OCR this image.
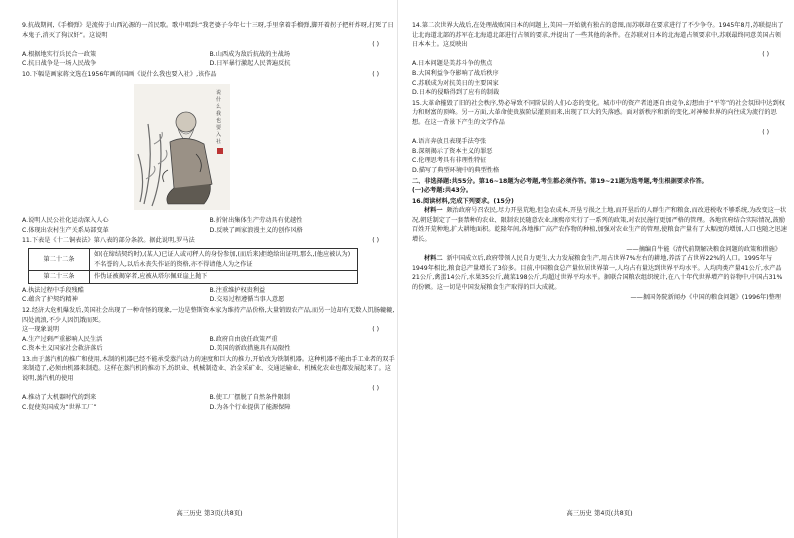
9.抗战期间,《手榴弹》是流传于山西沁源的一首民歌。歌中唱到:“我老婆子今年七十三呀,手里拿着手榴弹,脚开着拐子把杆炸呀,打死了日本鬼子,消灭了狗汉奸”。这说明

( )

A.根据地实行兵民合一政策	B.山西成为敌后抗战的主战场
C.抗日战争是一场人民战争	D.日军暴行激起人民普遍反抗

10.下幅是画家蒋文选在1956年画的国画《说什么我也要入社》,该作品	( )

说
什
么
我
也
要
入
社
A.说明人民公社化运动深入人心	B.折射出集体生产劳动具有优越性
C.体现出农村生产关系局部变革	D.反映了画家浪漫主义的创作风格

11.下表是《十二铜表法》第八表的部分条款。据此说明,罗马法	( )

第二十二条	如(在缔结契约时),(某人)已证人或司秤人的身份参加,(而后来)拒绝给出证明,那么,(他应被认为)不名誉的人,以后永丧失作证的资格,亦不得请他人为之作证
第二十三条	作伪证被揭穿者,应被从塔尔佩亚崖上抛下
A.执法过程中手段残酷	B.注重维护权贵利益
C.蕴含了护契约精神	D.交易过程遵循当事人意愿

12.经济大危机爆发后,美国社会出现了一种奇怪的现象,一边是整斯资本家为维持产品价格,大量销毁农产品,而另一边却有无数人饥肠辘辘,四处流浪,不少人因饥饿而死。

这一现象说明	( )

A.生产过剩严重影响人民生活	B.政府自由放任政策严重
C.资本主义国家社会救济落后	D.美国的新政措施具有局限性

13.由于蒸汽机的推广和使用,木制的机器已经不能承受蒸汽动力的速度和巨大的推力,开始改为铁制机器。这种机器不能由手工业者的双手来制造了,必须由机器来制造。这样在蒸汽机的推动下,纺织业、机械制造业、冶金采矿业、交通运输业、机械化农业也都发展起来了。这说明,蒸汽机的使用

( )

A.推动了大机器时代的到来	B.使工厂摆脱了自然条件限制
C.促使英国成为“世界工厂”	D.为各个行业提供了能源保障
高三历史 第3页(共8页)

14.第二次世界大战后,在处理战败国日本的问题上,美国一开始就有独占的意图,而苏联却在要求进行了不少争夺。1945年8月,苏联提出了让北海道北部的苏军在北海道北部进行占领的要求,并提出了一些其他的条件。在苏联对日本的北海道占领要求中,苏联最终同意美国占领日本本土。这反映出

( )

A.日本问题是美苏斗争的焦点

B.大国利益争夺影响了战后秩序

C.苏联成为对抗美日的主要国家

D.日本的侵略得到了应有的制裁

15.大革命摧毁了旧的社会秩序,势必导致不同阶层的人们心态的变化。城市中的资产者追逐自由竞争,幻想由于“平等”的社会氛围中达到权力和财富的顶峰。另一方面,大革命使贵族阶层灌顶而来,出现了巨大的失落感。面对新秩序和新的变化,对神秘世界的向往成为流行的思想。在这一背景下产生的文学作品

( )

A.语言奔放且表现手法夸张

B.深刻揭示了资本主义的罪恶

C.伦理思考具有非理性特征

D.描写了典型环境中的典型性格

二、非选择题:共55分。第16~18题为必考题,考生都必须作答。第19~21题为选考题,考生根据要求作答。

(一)必考题:共43分。

16.阅读材料,完成下列要求。(15分)

材料一 颇治政府号召农民,尽力开垦荒地,但急农成本,开垦亏损之土地,而开垦后的人群生产和粮食,而改进税收不够系统,为改变这一状况,朝廷制定了一套禁种的农业、限制农民随意农业,康熙帝实行了一系列的政策,对农民施行更加严格的管理。各地官府结合实际情况,鼓励百姓开荒种地,扩大耕地面积。乾隆年间,各地推广高产农作物的种植,加强对农业生产的管理,使粮食产量有了大幅度的增加,人口也随之迅速增长。

——摘编自牛能《清代前期解决粮食问题的政策和措施》

材料二 新中国成立后,政府带领人民自力更生,大力发展粮食生产,用占世界7%左右的耕地,养活了占世界22%的人口。1995年与1949年相比,粮食总产量增长了3倍多。目前,中国粮食总产量位居世界第一,人均占有量达到世界平均水平。人均肉类产量41公斤,水产品21公斤,禽蛋14公斤,水果35公斤,蔬菜198公斤,均超过世界平均水平。据联合国粮农组织统计,在八十年代世界增产的谷物中,中国占31%的份额。这一切是中国发展粮食生产取得的巨大成就。

——据国务院新闻办《中国的粮食问题》(1996年)整理

高三历史 第4页(共8页)
